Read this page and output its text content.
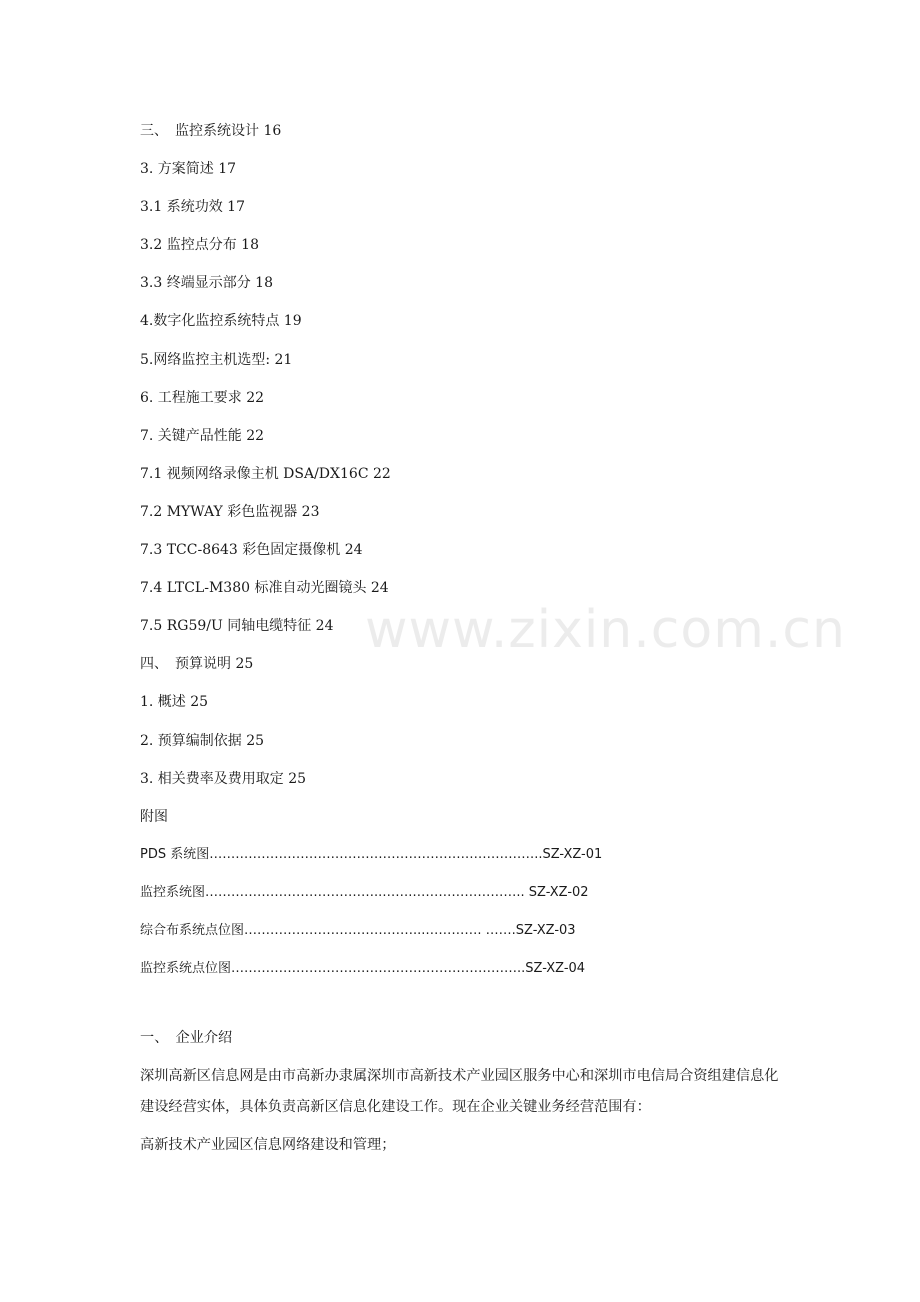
www.zixin.com.cn
三、　监控系统设计 16
3. 方案简述 17
3.1 系统功效 17
3.2 监控点分布 18
3.3 终端显示部分 18
4.数字化监控系统特点 19
5.网络监控主机选型: 21
6. 工程施工要求 22
7. 关键产品性能 22
7.1 视频网络录像主机 DSA/DX16C 22
7.2 MYWAY 彩色监视器 23
7.3 TCC-8643 彩色固定摄像机 24
7.4 LTCL-M380 标准自动光圈镜头 24
7.5 RG59/U 同轴电缆特征 24
四、　预算说明 25
1. 概述 25
2. 预算编制依据 25
3. 相关费率及费用取定 25
附图
PDS 系统图…………………………………………………………………..SZ-XZ-01
监控系统图…………………………………..…….…………………….. SZ-XZ-02
综合布系统点位图…………………………………...…………. …….SZ-XZ-03
监控系统点位图…………………………………………………………..SZ-XZ-04

一、　企业介绍

深圳高新区信息网是由市高新办隶属深圳市高新技术产业园区服务中心和深圳市电信局合资组建信息化建设经营实体，具体负责高新区信息化建设工作。现在企业关键业务经营范围有：

高新技术产业园区信息网络建设和管理；
